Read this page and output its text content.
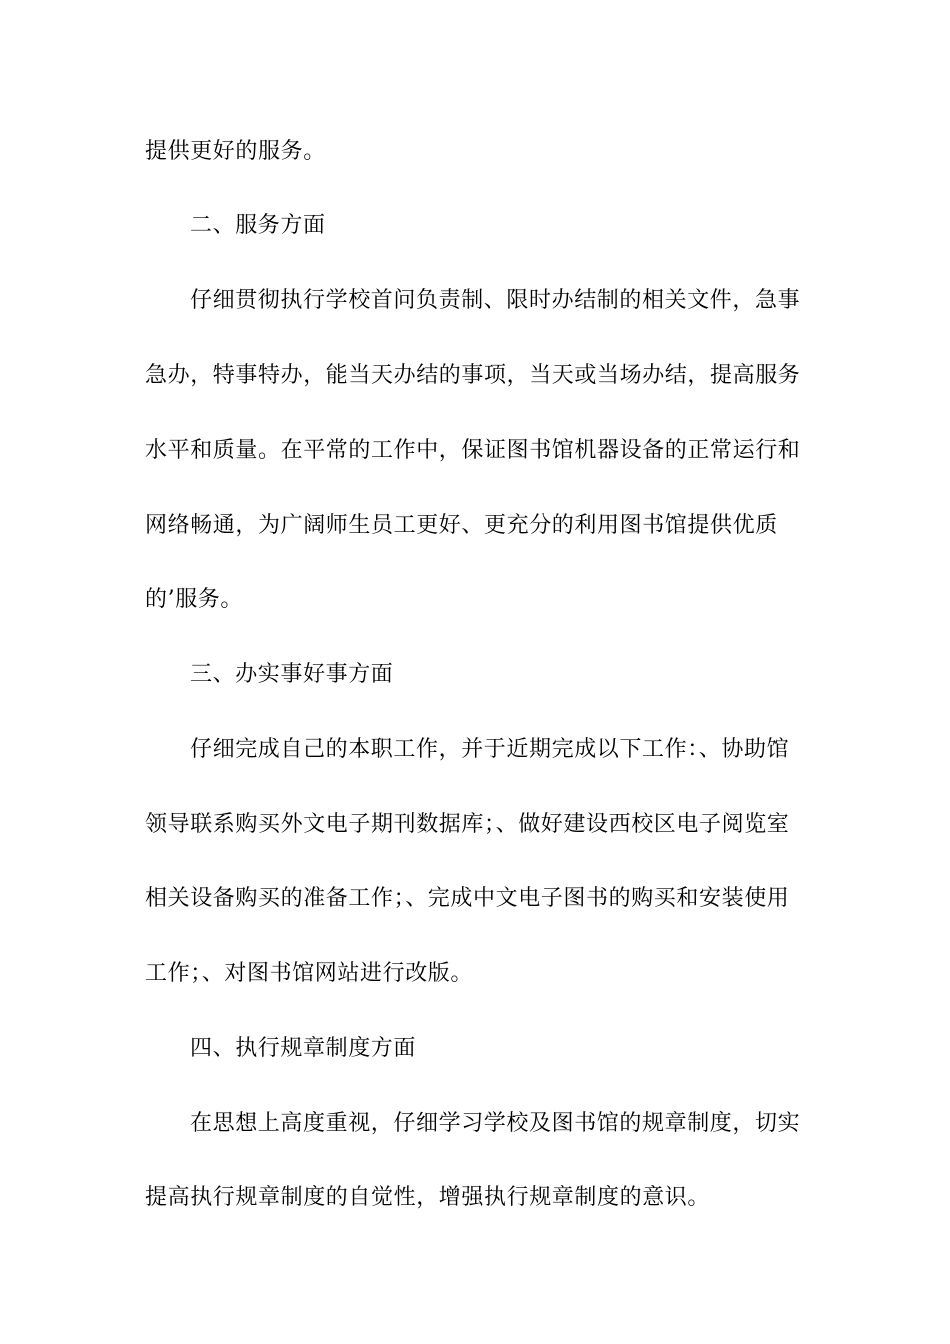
提供更好的服务。
二、服务方面
仔细贯彻执行学校首问负责制、限时办结制的相关文件，急事
急办，特事特办，能当天办结的事项，当天或当场办结，提高服务
水平和质量。在平常的工作中，保证图书馆机器设备的正常运行和
网络畅通，为广阔师生员工更好、更充分的利用图书馆提供优质
的’服务。
三、办实事好事方面
仔细完成自己的本职工作，并于近期完成以下工作：、协助馆
领导联系购买外文电子期刊数据库；、做好建设西校区电子阅览室
相关设备购买的准备工作；、完成中文电子图书的购买和安装使用
工作；、对图书馆网站进行改版。
四、执行规章制度方面
在思想上高度重视，仔细学习学校及图书馆的规章制度，切实
提高执行规章制度的自觉性，增强执行规章制度的意识。
